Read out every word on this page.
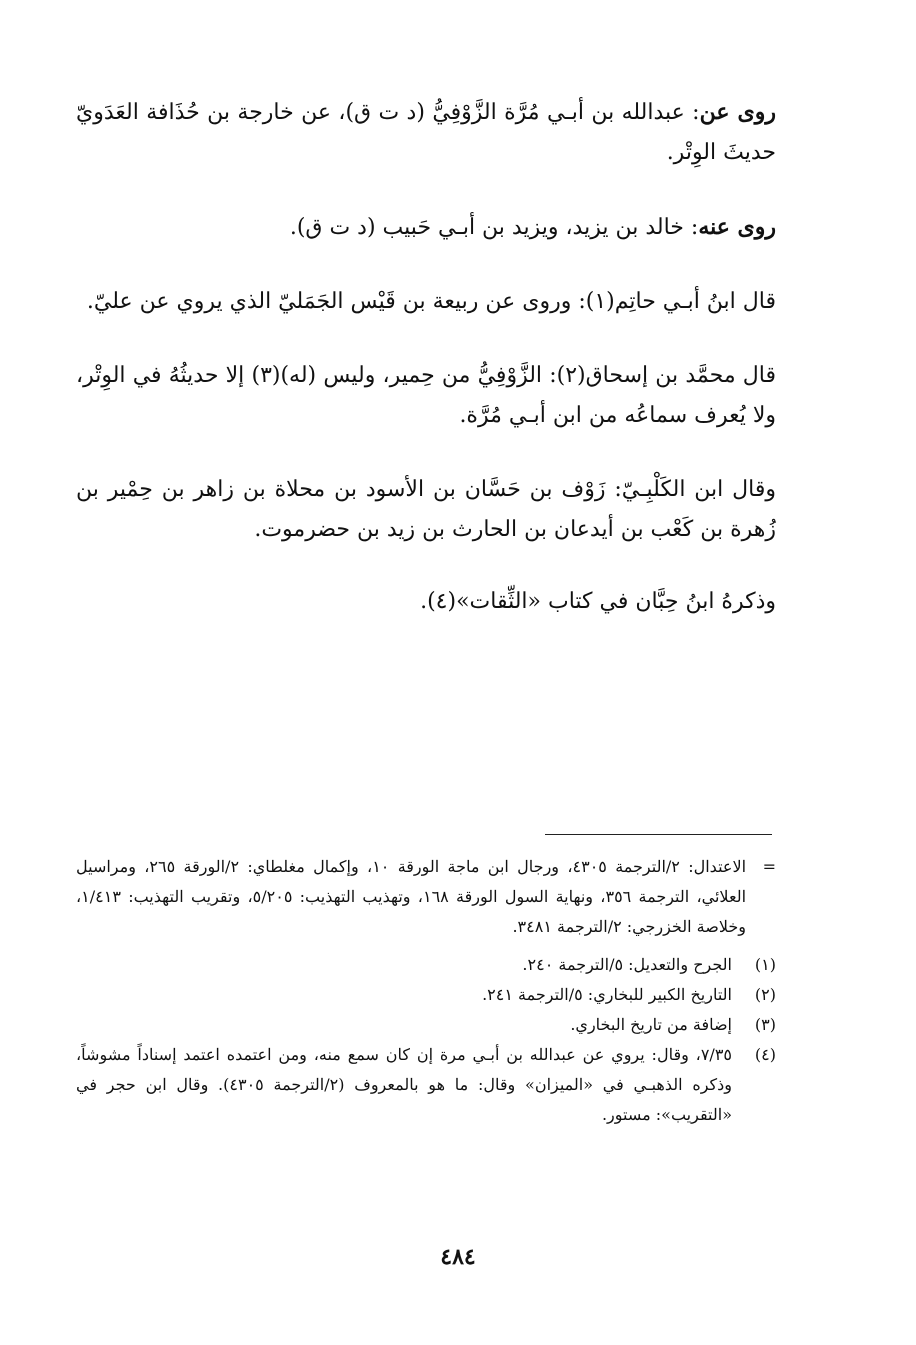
روى عن: عبدالله بن أبـي مُرَّة الزَّوْفِيُّ (د ت ق)، عن خارجة بن حُذَافة العَدَويّ حديثَ الوِتْر.

روى عنه: خالد بن يزيد، ويزيد بن أبـي حَبيب (د ت ق).

قال ابنُ أبـي حاتِم(١): وروى عن ربيعة بن قَيْس الجَمَليّ الذي يروي عن عليّ.

قال محمَّد بن إسحاق(٢): الزَّوْفِيُّ من حِمير، وليس (له)(٣) إلا حديثُهُ في الوِتْر، ولا يُعرف سماعُه من ابن أبـي مُرَّة.

وقال ابن الكَلْبِـيّ: زَوْف بن حَسَّان بن الأسود بن محلاة بن زاهر بن حِمْير بن زُهرة بن كَعْب بن أيدعان بن الحارث بن زيد بن حضرموت.

وذكرهُ ابنُ حِبَّان في كتاب «الثِّقات»(٤).

=
الاعتدال: ٢/الترجمة ٤٣٠٥، ورجال ابن ماجة الورقة ١٠، وإكمال مغلطاي: ٢/الورقة ٢٦٥، ومراسيل العلائي، الترجمة ٣٥٦، ونهاية السول الورقة ١٦٨، وتهذيب التهذيب: ٥/٢٠٥، وتقريب التهذيب: ١/٤١٣، وخلاصة الخزرجي: ٢/الترجمة ٣٤٨١.
(١)
الجرح والتعديل: ٥/الترجمة ٢٤٠.
(٢)
التاريخ الكبير للبخاري: ٥/الترجمة ٢٤١.
(٣)
إضافة من تاريخ البخاري.
(٤)
٧/٣٥، وقال: يروي عن عبدالله بن أبـي مرة إن كان سمع منه، ومن اعتمده اعتمد إسناداً مشوشاً، وذكره الذهبـي في «الميزان» وقال: ما هو بالمعروف (٢/الترجمة ٤٣٠٥). وقال ابن حجر في «التقريب»: مستور.
٤٨٤
